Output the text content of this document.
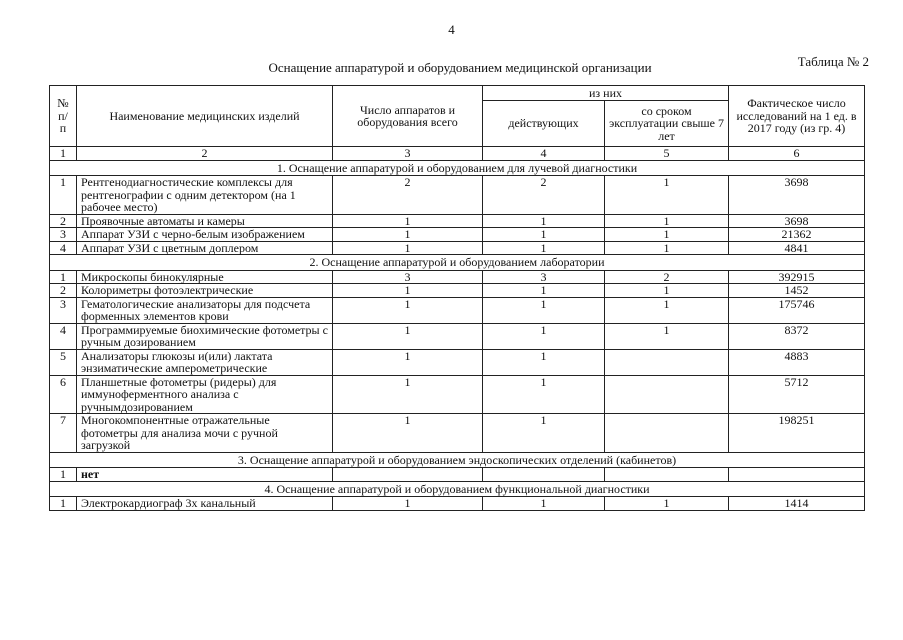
4
Таблица № 2
Оснащение аппаратурой и оборудованием медицинской организации
№ п/ п	Наименование медицинских изделий	Число аппаратов и оборудования всего	из них		Фактическое число исследований на 1 ед. в 2017 году (из гр. 4)
			действующих	со сроком эксплуатации свыше 7 лет	
1	2	3	4	5	6
1. Оснащение аппаратурой и оборудованием для лучевой диагностики					
1	Рентгенодиагностические комплексы для рентгенографии с одним детектором (на 1 рабочее место)	2	2	1	3698
2	Проявочные автоматы и камеры	1	1	1	3698
3	Аппарат УЗИ с черно-белым изображением	1	1	1	21362
4	Аппарат УЗИ с цветным доплером	1	1	1	4841
2. Оснащение аппаратурой и оборудованием лаборатории					
1	Микроскопы бинокулярные	3	3	2	392915
2	Колориметры фотоэлектрические	1	1	1	1452
3	Гематологические анализаторы для подсчета форменных элементов крови	1	1	1	175746
4	Программируемые биохимические фотометры с ручным дозированием	1	1	1	8372
5	Анализаторы глюкозы и(или) лактата энзиматические амперометрические	1	1		4883
6	Планшетные фотометры (ридеры) для иммуноферментного анализа с ручнымдозированием	1	1		5712
7	Многокомпонентные отражательные фотометры для анализа мочи с ручной загрузкой	1	1		198251
3. Оснащение аппаратурой и оборудованием эндоскопических отделений (кабинетов)					
1	нет				
4. Оснащение аппаратурой и оборудованием функциональной диагностики					
1	Электрокардиограф 3х канальный	1	1	1	1414
